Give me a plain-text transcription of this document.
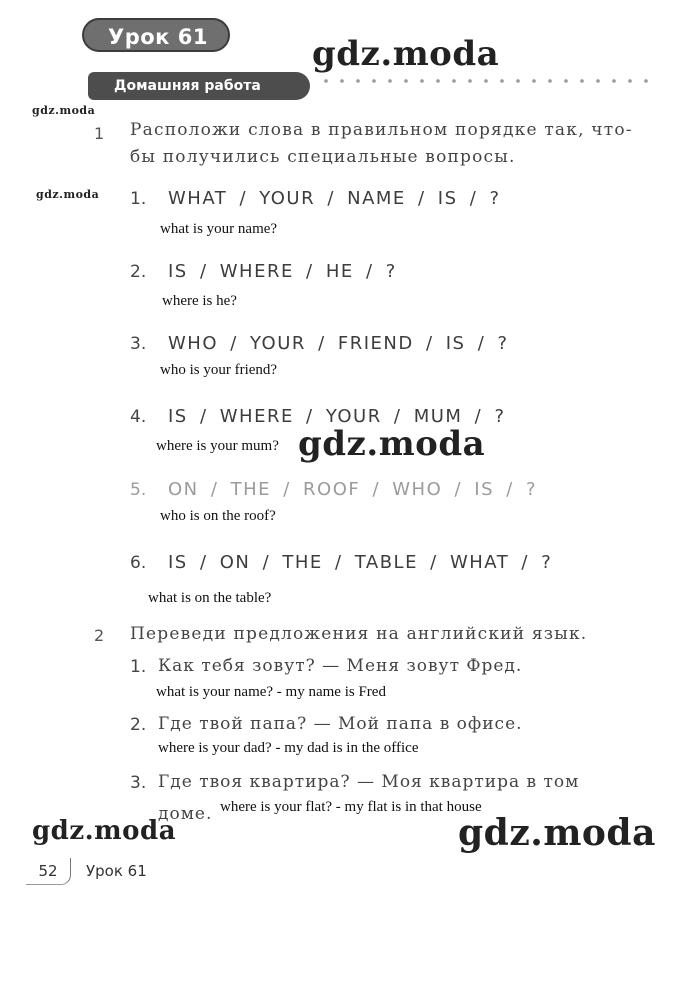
Урок 61
Домашняя работа
gdz.moda
gdz.moda
gdz.moda
gdz.moda
gdz.moda	gdz.moda
1 Расположи слова в правильном порядке так, что-
бы получились специальные вопросы.
1. WHAT / YOUR / NAME / IS / ?
what is your name?
2. IS / WHERE / HE / ?
where is he?
3. WHO / YOUR / FRIEND / IS / ?
who is your friend?
4. IS / WHERE / YOUR / MUM / ?
where is your mum?
5. ON / THE / ROOF / WHO / IS / ?
who is on the roof?
6. IS / ON / THE / TABLE / WHAT / ?
what is on the table?
2 Переведи предложения на английский язык.
1. Как тебя зовут? — Меня зовут Фред.
what is your name? - my name is Fred
2. Где твой папа? — Мой папа в офисе.
where is your dad? - my dad is in the office
3. Где твоя квартира? — Моя квартира в том
доме. where is your flat? - my flat is in that house
52	Урок 61
